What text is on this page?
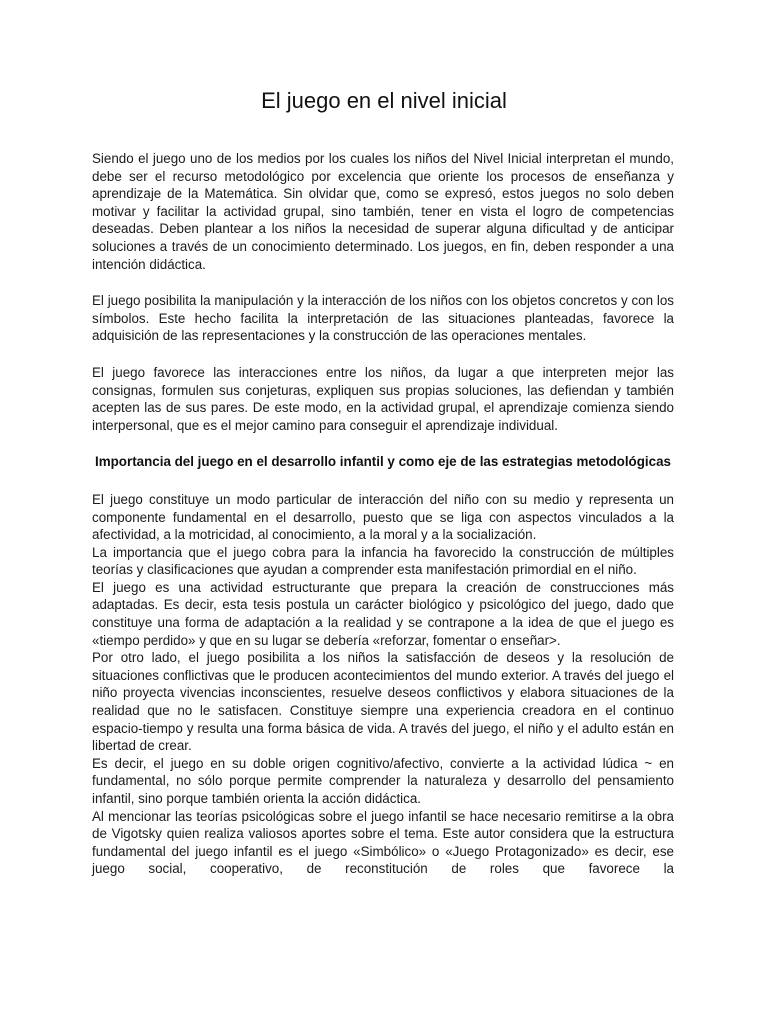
El juego en el nivel inicial

Siendo el juego uno de los medios por los cuales los niños del Nivel Inicial interpretan el mundo, debe ser el recurso metodológico por excelencia que oriente los procesos de enseñanza y aprendizaje de la Matemática. Sin olvidar que, como se expresó, estos juegos no solo deben motivar y facilitar la actividad grupal, sino también, tener en vista el logro de competencias deseadas. Deben plantear a los niños la necesidad de superar alguna dificultad y de anticipar soluciones a través de un conocimiento determinado. Los juegos, en fin, deben responder a una intención didáctica.

El juego posibilita la manipulación y la interacción de los niños con los objetos concretos y con los símbolos. Este hecho facilita la interpretación de las situaciones planteadas, favorece la adquisición de las representaciones y la construcción de las operaciones mentales.

El juego favorece las interacciones entre los niños, da lugar a que interpreten mejor las consignas, formulen sus conjeturas, expliquen sus propias soluciones, las defiendan y también acepten las de sus pares. De este modo, en la actividad grupal, el aprendizaje comienza siendo interpersonal, que es el mejor camino para conseguir el aprendizaje individual.

Importancia del juego en el desarrollo infantil y como eje de las estrategias metodológicas

El juego constituye un modo particular de interacción del niño con su medio y representa un componente fundamental en el desarrollo, puesto que se liga con aspectos vinculados a la afectividad, a la motricidad, al conocimiento, a la moral y a la socialización.

La importancia que el juego cobra para la infancia ha favorecido la construcción de múltiples teorías y clasificaciones que ayudan a comprender esta manifestación primordial en el niño.

El juego es una actividad estructurante que prepara la creación de construcciones más adaptadas. Es decir, esta tesis postula un carácter biológico y psicológico del juego, dado que constituye una forma de adaptación a la realidad y se contrapone a la idea de que el juego es «tiempo perdido» y que en su lugar se debería «reforzar, fomentar o enseñar>.

Por otro lado, el juego posibilita a los niños la satisfacción de deseos y la resolución de situaciones conflictivas que le producen acontecimientos del mundo exterior. A través del juego el niño proyecta vivencias inconscientes, resuelve deseos conflictivos y elabora situaciones de la realidad que no le satisfacen. Constituye siempre una experiencia creadora en el continuo espacio-tiempo y resulta una forma básica de vida. A través del juego, el niño y el adulto están en libertad de crear.

Es decir, el juego en su doble origen cognitivo/afectivo, convierte a la actividad lúdica ~ en fundamental, no sólo porque permite comprender la naturaleza y desarrollo del pensamiento infantil, sino porque también orienta la acción didáctica.

Al mencionar las teorías psicológicas sobre el juego infantil se hace necesario remitirse a la obra de Vigotsky quien realiza valiosos aportes sobre el tema. Este autor considera que la estructura fundamental del juego infantil es el juego «Simbólico» o «Juego Protagonizado» es decir, ese juego social, cooperativo, de reconstitución de roles que favorece la
